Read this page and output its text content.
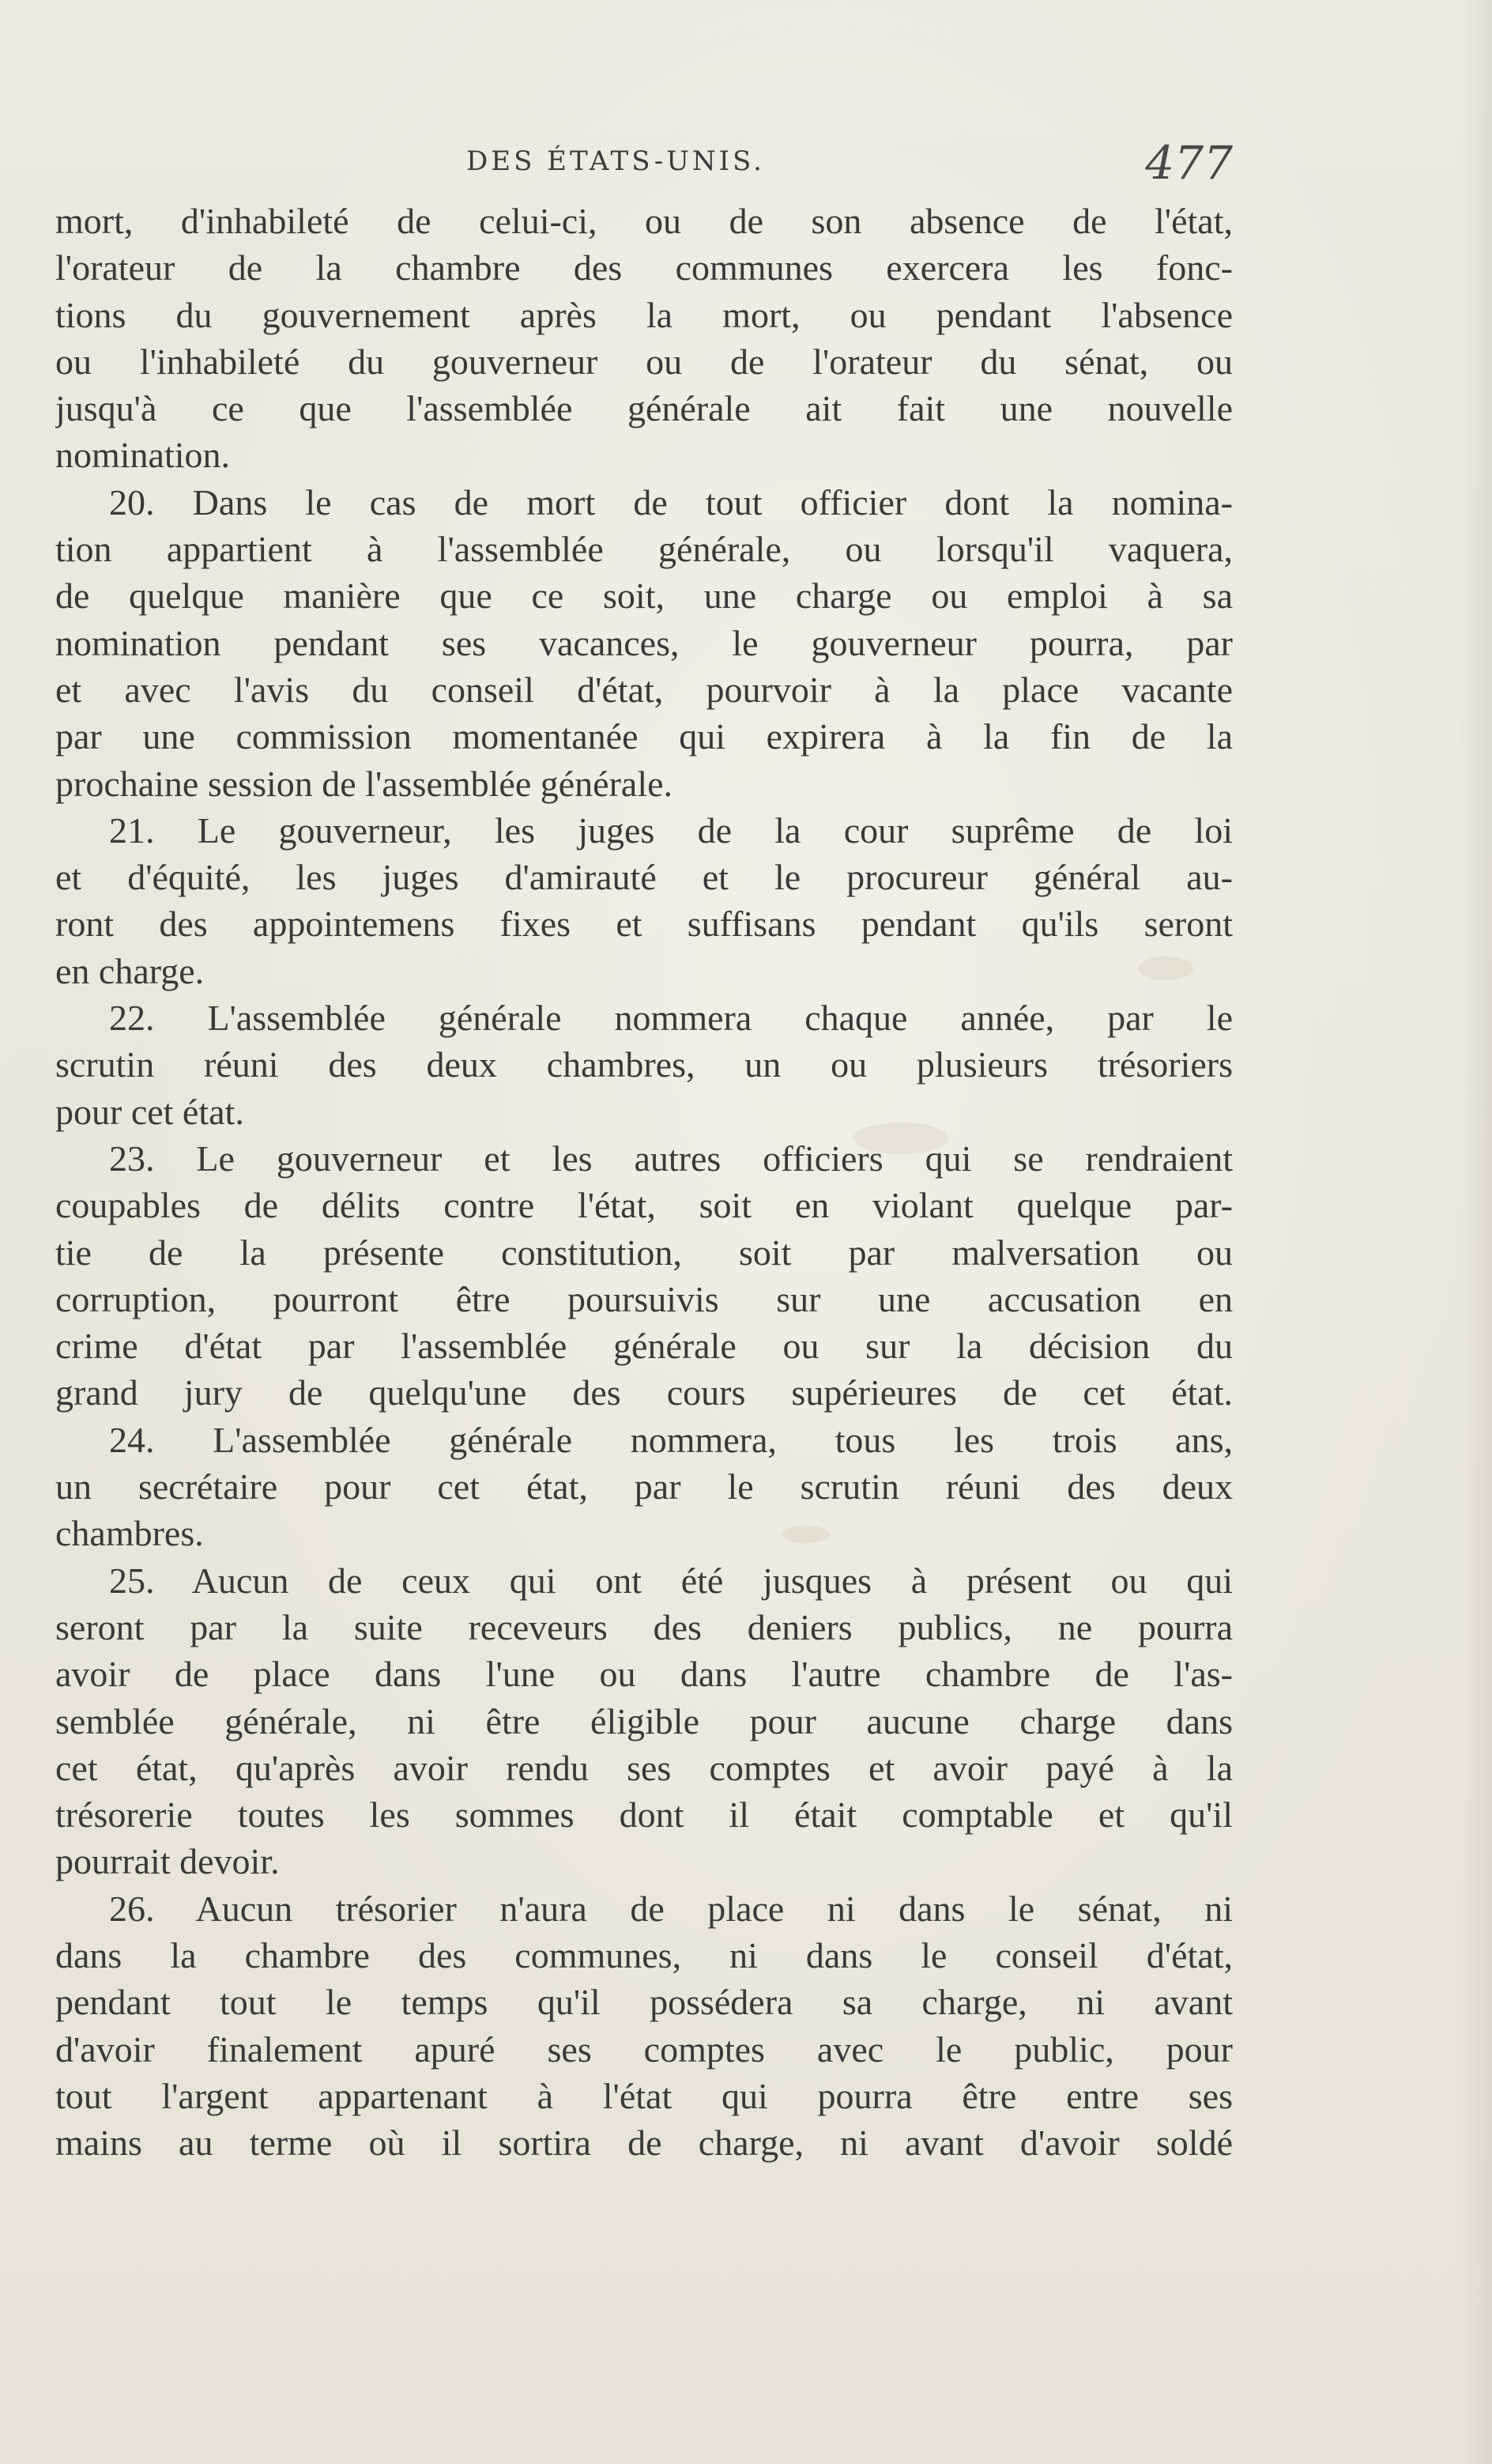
DES ÉTATS-UNIS.	477
mort, d'inhabileté de celui-ci, ou de son absence de l'état,
l'orateur de la chambre des communes exercera les fonc-
tions du gouvernement après la mort, ou pendant l'absence
ou l'inhabileté du gouverneur ou de l'orateur du sénat, ou
jusqu'à ce que l'assemblée générale ait fait une nouvelle
nomination.
20. Dans le cas de mort de tout officier dont la nomina-
tion appartient à l'assemblée générale, ou lorsqu'il vaquera,
de quelque manière que ce soit, une charge ou emploi à sa
nomination pendant ses vacances, le gouverneur pourra, par
et avec l'avis du conseil d'état, pourvoir à la place vacante
par une commission momentanée qui expirera à la fin de la
prochaine session de l'assemblée générale.
21. Le gouverneur, les juges de la cour suprême de loi
et d'équité, les juges d'amirauté et le procureur général au-
ront des appointemens fixes et suffisans pendant qu'ils seront
en charge.
22. L'assemblée générale nommera chaque année, par le
scrutin réuni des deux chambres, un ou plusieurs trésoriers
pour cet état.
23. Le gouverneur et les autres officiers qui se rendraient
coupables de délits contre l'état, soit en violant quelque par-
tie de la présente constitution, soit par malversation ou
corruption, pourront être poursuivis sur une accusation en
crime d'état par l'assemblée générale ou sur la décision du
grand jury de quelqu'une des cours supérieures de cet état.
24. L'assemblée générale nommera, tous les trois ans,
un secrétaire pour cet état, par le scrutin réuni des deux
chambres.
25. Aucun de ceux qui ont été jusques à présent ou qui
seront par la suite receveurs des deniers publics, ne pourra
avoir de place dans l'une ou dans l'autre chambre de l'as-
semblée générale, ni être éligible pour aucune charge dans
cet état, qu'après avoir rendu ses comptes et avoir payé à la
trésorerie toutes les sommes dont il était comptable et qu'il
pourrait devoir.
26. Aucun trésorier n'aura de place ni dans le sénat, ni
dans la chambre des communes, ni dans le conseil d'état,
pendant tout le temps qu'il possédera sa charge, ni avant
d'avoir finalement apuré ses comptes avec le public, pour
tout l'argent appartenant à l'état qui pourra être entre ses
mains au terme où il sortira de charge, ni avant d'avoir soldé
